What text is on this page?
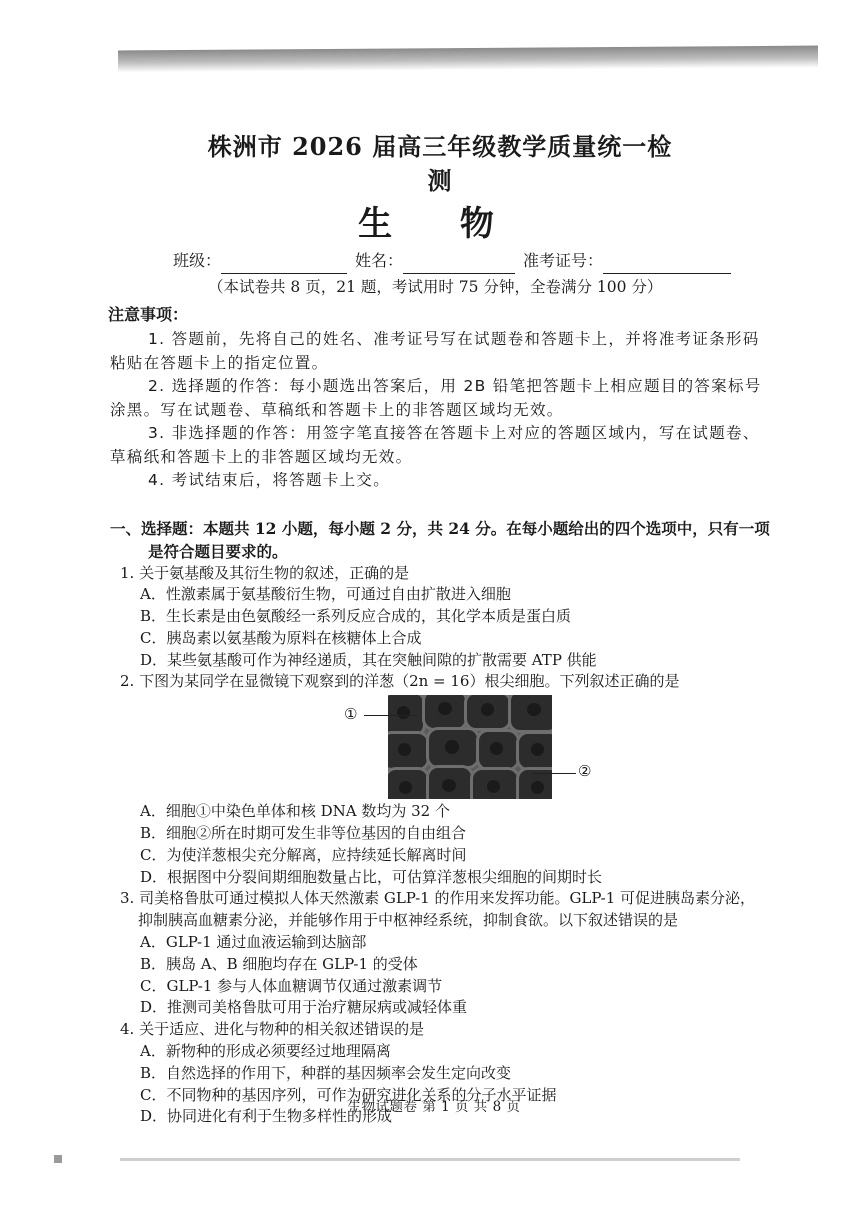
株洲市 2026 届高三年级教学质量统一检测
生 物
班级：	姓名：	准考证号：
（本试卷共 8 页，21 题，考试用时 75 分钟，全卷满分 100 分）
注意事项：

1. 答题前，先将自己的姓名、准考证号写在试题卷和答题卡上，并将准考证条形码粘贴在答题卡上的指定位置。

2. 选择题的作答：每小题选出答案后，用 2B 铅笔把答题卡上相应题目的答案标号涂黑。写在试题卷、草稿纸和答题卡上的非答题区域均无效。

3. 非选择题的作答：用签字笔直接答在答题卡上对应的答题区域内，写在试题卷、草稿纸和答题卡上的非答题区域均无效。

4. 考试结束后，将答题卡上交。

一、选择题：本题共 12 小题，每小题 2 分，共 24 分。在每小题给出的四个选项中，只有一项是符合题目要求的。
1. 关于氨基酸及其衍生物的叙述，正确的是
A．性激素属于氨基酸衍生物，可通过自由扩散进入细胞
B．生长素是由色氨酸经一系列反应合成的，其化学本质是蛋白质
C．胰岛素以氨基酸为原料在核糖体上合成
D．某些氨基酸可作为神经递质，其在突触间隙的扩散需要 ATP 供能
2. 下图为某同学在显微镜下观察到的洋葱（2n = 16）根尖细胞。下列叙述正确的是
①
②
A．细胞①中染色单体和核 DNA 数均为 32 个
B．细胞②所在时期可发生非等位基因的自由组合
C．为使洋葱根尖充分解离，应持续延长解离时间
D．根据图中分裂间期细胞数量占比，可估算洋葱根尖细胞的间期时长
3. 司美格鲁肽可通过模拟人体天然激素 GLP-1 的作用来发挥功能。GLP-1 可促进胰岛素分泌，抑制胰高血糖素分泌，并能够作用于中枢神经系统，抑制食欲。以下叙述错误的是
A．GLP-1 通过血液运输到达脑部
B．胰岛 A、B 细胞均存在 GLP-1 的受体
C．GLP-1 参与人体血糖调节仅通过激素调节
D．推测司美格鲁肽可用于治疗糖尿病或减轻体重
4. 关于适应、进化与物种的相关叙述错误的是
A．新物种的形成必须要经过地理隔离
B．自然选择的作用下，种群的基因频率会发生定向改变
C．不同物种的基因序列，可作为研究进化关系的分子水平证据
D．协同进化有利于生物多样性的形成
生物试题卷 第 1 页 共 8 页
